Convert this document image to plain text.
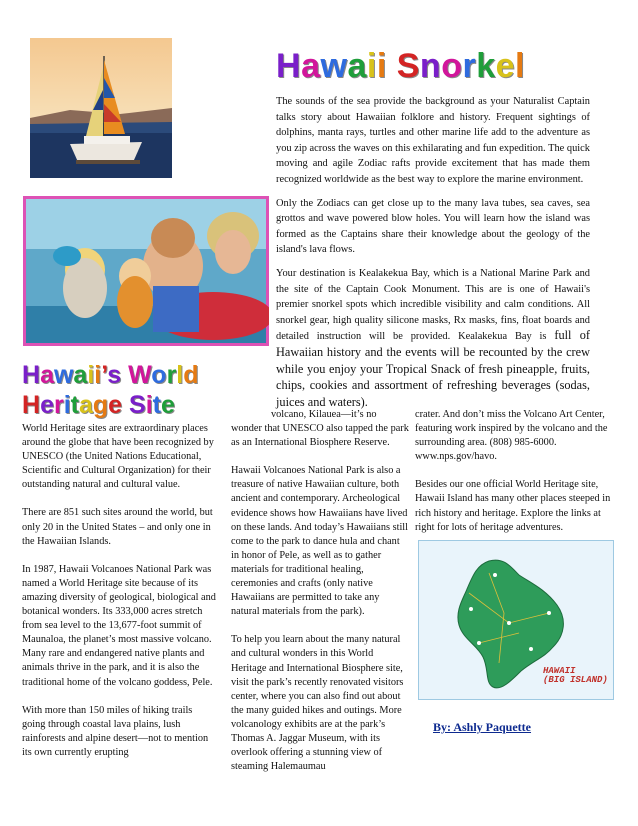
Hawaii Snorkel

The sounds of the sea provide the background as your Naturalist Captain talks story about Hawaiian folklore and history. Frequent sightings of dolphins, manta rays, turtles and other marine life add to the adventure as you zip across the waves on this exhilarating and fun expedition. The quick moving and agile Zodiac rafts provide excitement that has made them recognized worldwide as the best way to explore the marine environment.

Only the Zodiacs can get close up to the many lava tubes, sea caves, sea grottos and wave powered blow holes. You will learn how the island was formed as the Captains share their knowledge about the geology of the island's lava flows.

Your destination is Kealakekua Bay, which is a National Marine Park and the site of the Captain Cook Monument. This are is one of Hawaii's premier snorkel spots which incredible visibility and calm conditions. All snorkel gear, high quality silicone masks, Rx masks, fins, float boards and detailed instruction will be provided. Kealakekua Bay is full of Hawaiian history and the events will be recounted by the crew while you enjoy your Tropical Snack of fresh pineapple, fruits, chips, cookies and assortment of refreshing beverages (sodas, juices and waters).

Hawaii’s World
Heritage Site

World Heritage sites are extraordinary places around the globe that have been recognized by UNESCO (the United Nations Educational, Scientific and Cultural Organization) for their outstanding natural and cultural value.

There are 851 such sites around the world, but only 20 in the United States – and only one in the Hawaiian Islands.

In 1987, Hawaii Volcanoes National Park was named a World Heritage site because of its amazing diversity of geological, biological and botanical wonders. Its 333,000 acres stretch from sea level to the 13,677-foot summit of Maunaloa, the planet’s most massive volcano. Many rare and endangered native plants and animals thrive in the park, and it is also the traditional home of the volcano goddess, Pele.

With more than 150 miles of hiking trails going through coastal lava plains, lush rainforests and alpine desert—not to mention its own currently erupting

volcano, Kilauea—it’s no wonder that UNESCO also tapped the park as an International Biosphere Reserve.

Hawaii Volcanoes National Park is also a treasure of native Hawaiian culture, both ancient and contemporary. Archeological evidence shows how Hawaiians have lived on these lands. And today’s Hawaiians still come to the park to dance hula and chant in honor of Pele, as well as to gather materials for traditional healing, ceremonies and crafts (only native Hawaiians are permitted to take any natural materials from the park).

To help you learn about the many natural and cultural wonders in this World Heritage and International Biosphere site, visit the park’s recently renovated visitors center, where you can also find out about the many guided hikes and outings. More volcanology exhibits are at the park’s Thomas A. Jaggar Museum, with its overlook offering a stunning view of steaming Halemaumau

crater. And don’t miss the Volcano Art Center, featuring work inspired by the volcano and the surrounding area. (808) 985-6000. www.nps.gov/havo.

Besides our one official World Heritage site, Hawaii Island has many other places steeped in rich history and heritage. Explore the links at right for lots of heritage adventures.

HAWAII
(BIG ISLAND)
By: Ashly Paquette
